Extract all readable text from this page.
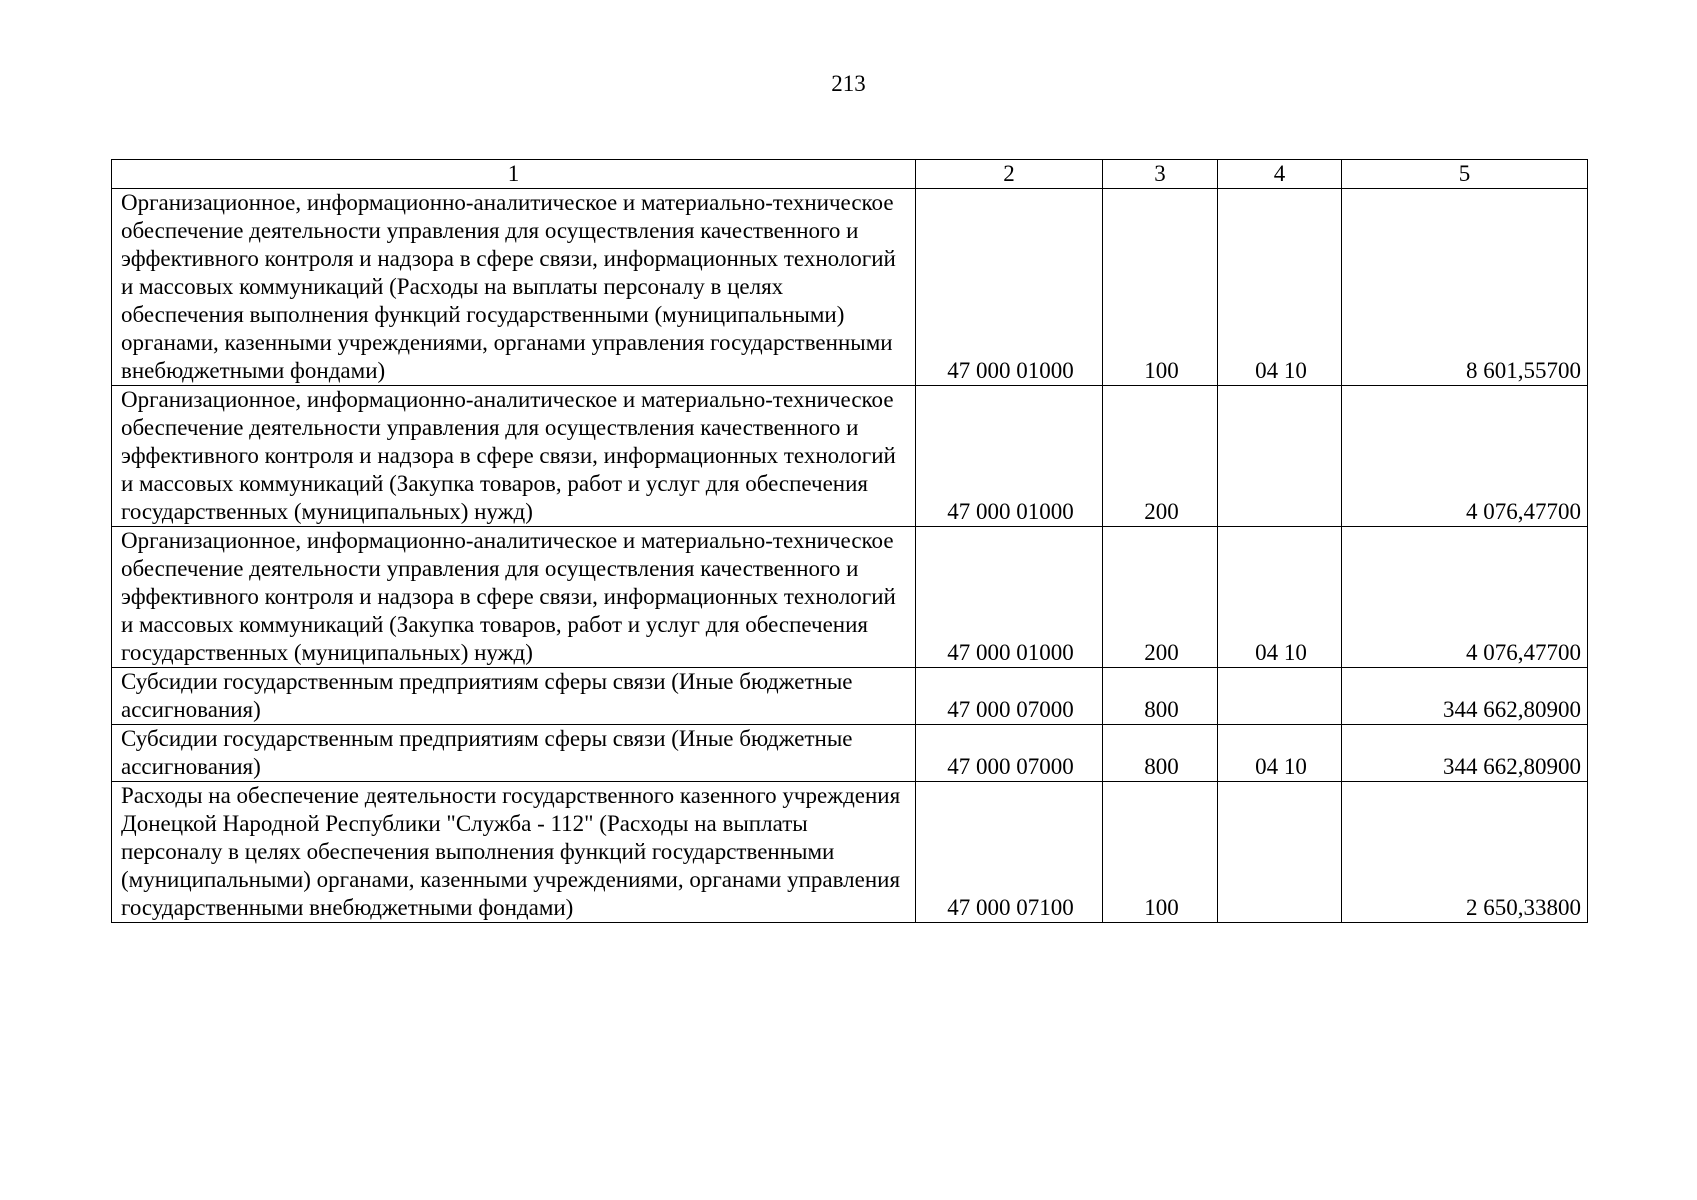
213
1	2	3	4	5
Организационное, информационно-аналитическое и материально-техническое обеспечение деятельности управления для осуществления качественного и эффективного контроля и надзора в сфере связи, информационных технологий и массовых коммуникаций (Расходы на выплаты персоналу в целях обеспечения выполнения функций государственными (муниципальными) органами, казенными учреждениями, органами управления государственными внебюджетными фондами)	47 000 01000	100	04 10	8 601,55700
Организационное, информационно-аналитическое и материально-техническое обеспечение деятельности управления для осуществления качественного и эффективного контроля и надзора в сфере связи, информационных технологий и массовых коммуникаций (Закупка товаров, работ и услуг для обеспечения государственных (муниципальных) нужд)	47 000 01000	200		4 076,47700
Организационное, информационно-аналитическое и материально-техническое обеспечение деятельности управления для осуществления качественного и эффективного контроля и надзора в сфере связи, информационных технологий и массовых коммуникаций (Закупка товаров, работ и услуг для обеспечения государственных (муниципальных) нужд)	47 000 01000	200	04 10	4 076,47700
Субсидии государственным предприятиям сферы связи (Иные бюджетные ассигнования)	47 000 07000	800		344 662,80900
Субсидии государственным предприятиям сферы связи (Иные бюджетные ассигнования)	47 000 07000	800	04 10	344 662,80900
Расходы на обеспечение деятельности государственного казенного учреждения Донецкой Народной Республики "Служба - 112" (Расходы на выплаты персоналу в целях обеспечения выполнения функций государственными (муниципальными) органами, казенными учреждениями, органами управления государственными внебюджетными фондами)	47 000 07100	100		2 650,33800
